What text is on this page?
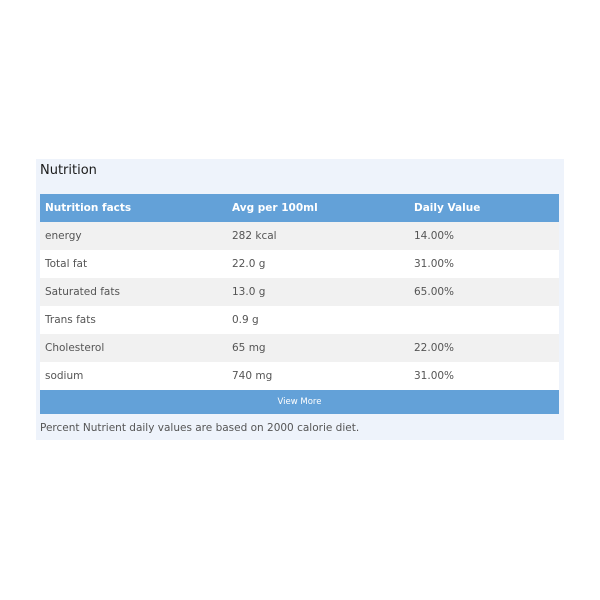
Nutrition
Nutrition facts	Avg per 100ml	Daily Value
energy	282 kcal	14.00%
Total fat	22.0 g	31.00%
Saturated fats	13.0 g	65.00%
Trans fats	0.9 g
Cholesterol	65 mg	22.00%
sodium	740 mg	31.00%
View More
Percent Nutrient daily values are based on 2000 calorie diet.
